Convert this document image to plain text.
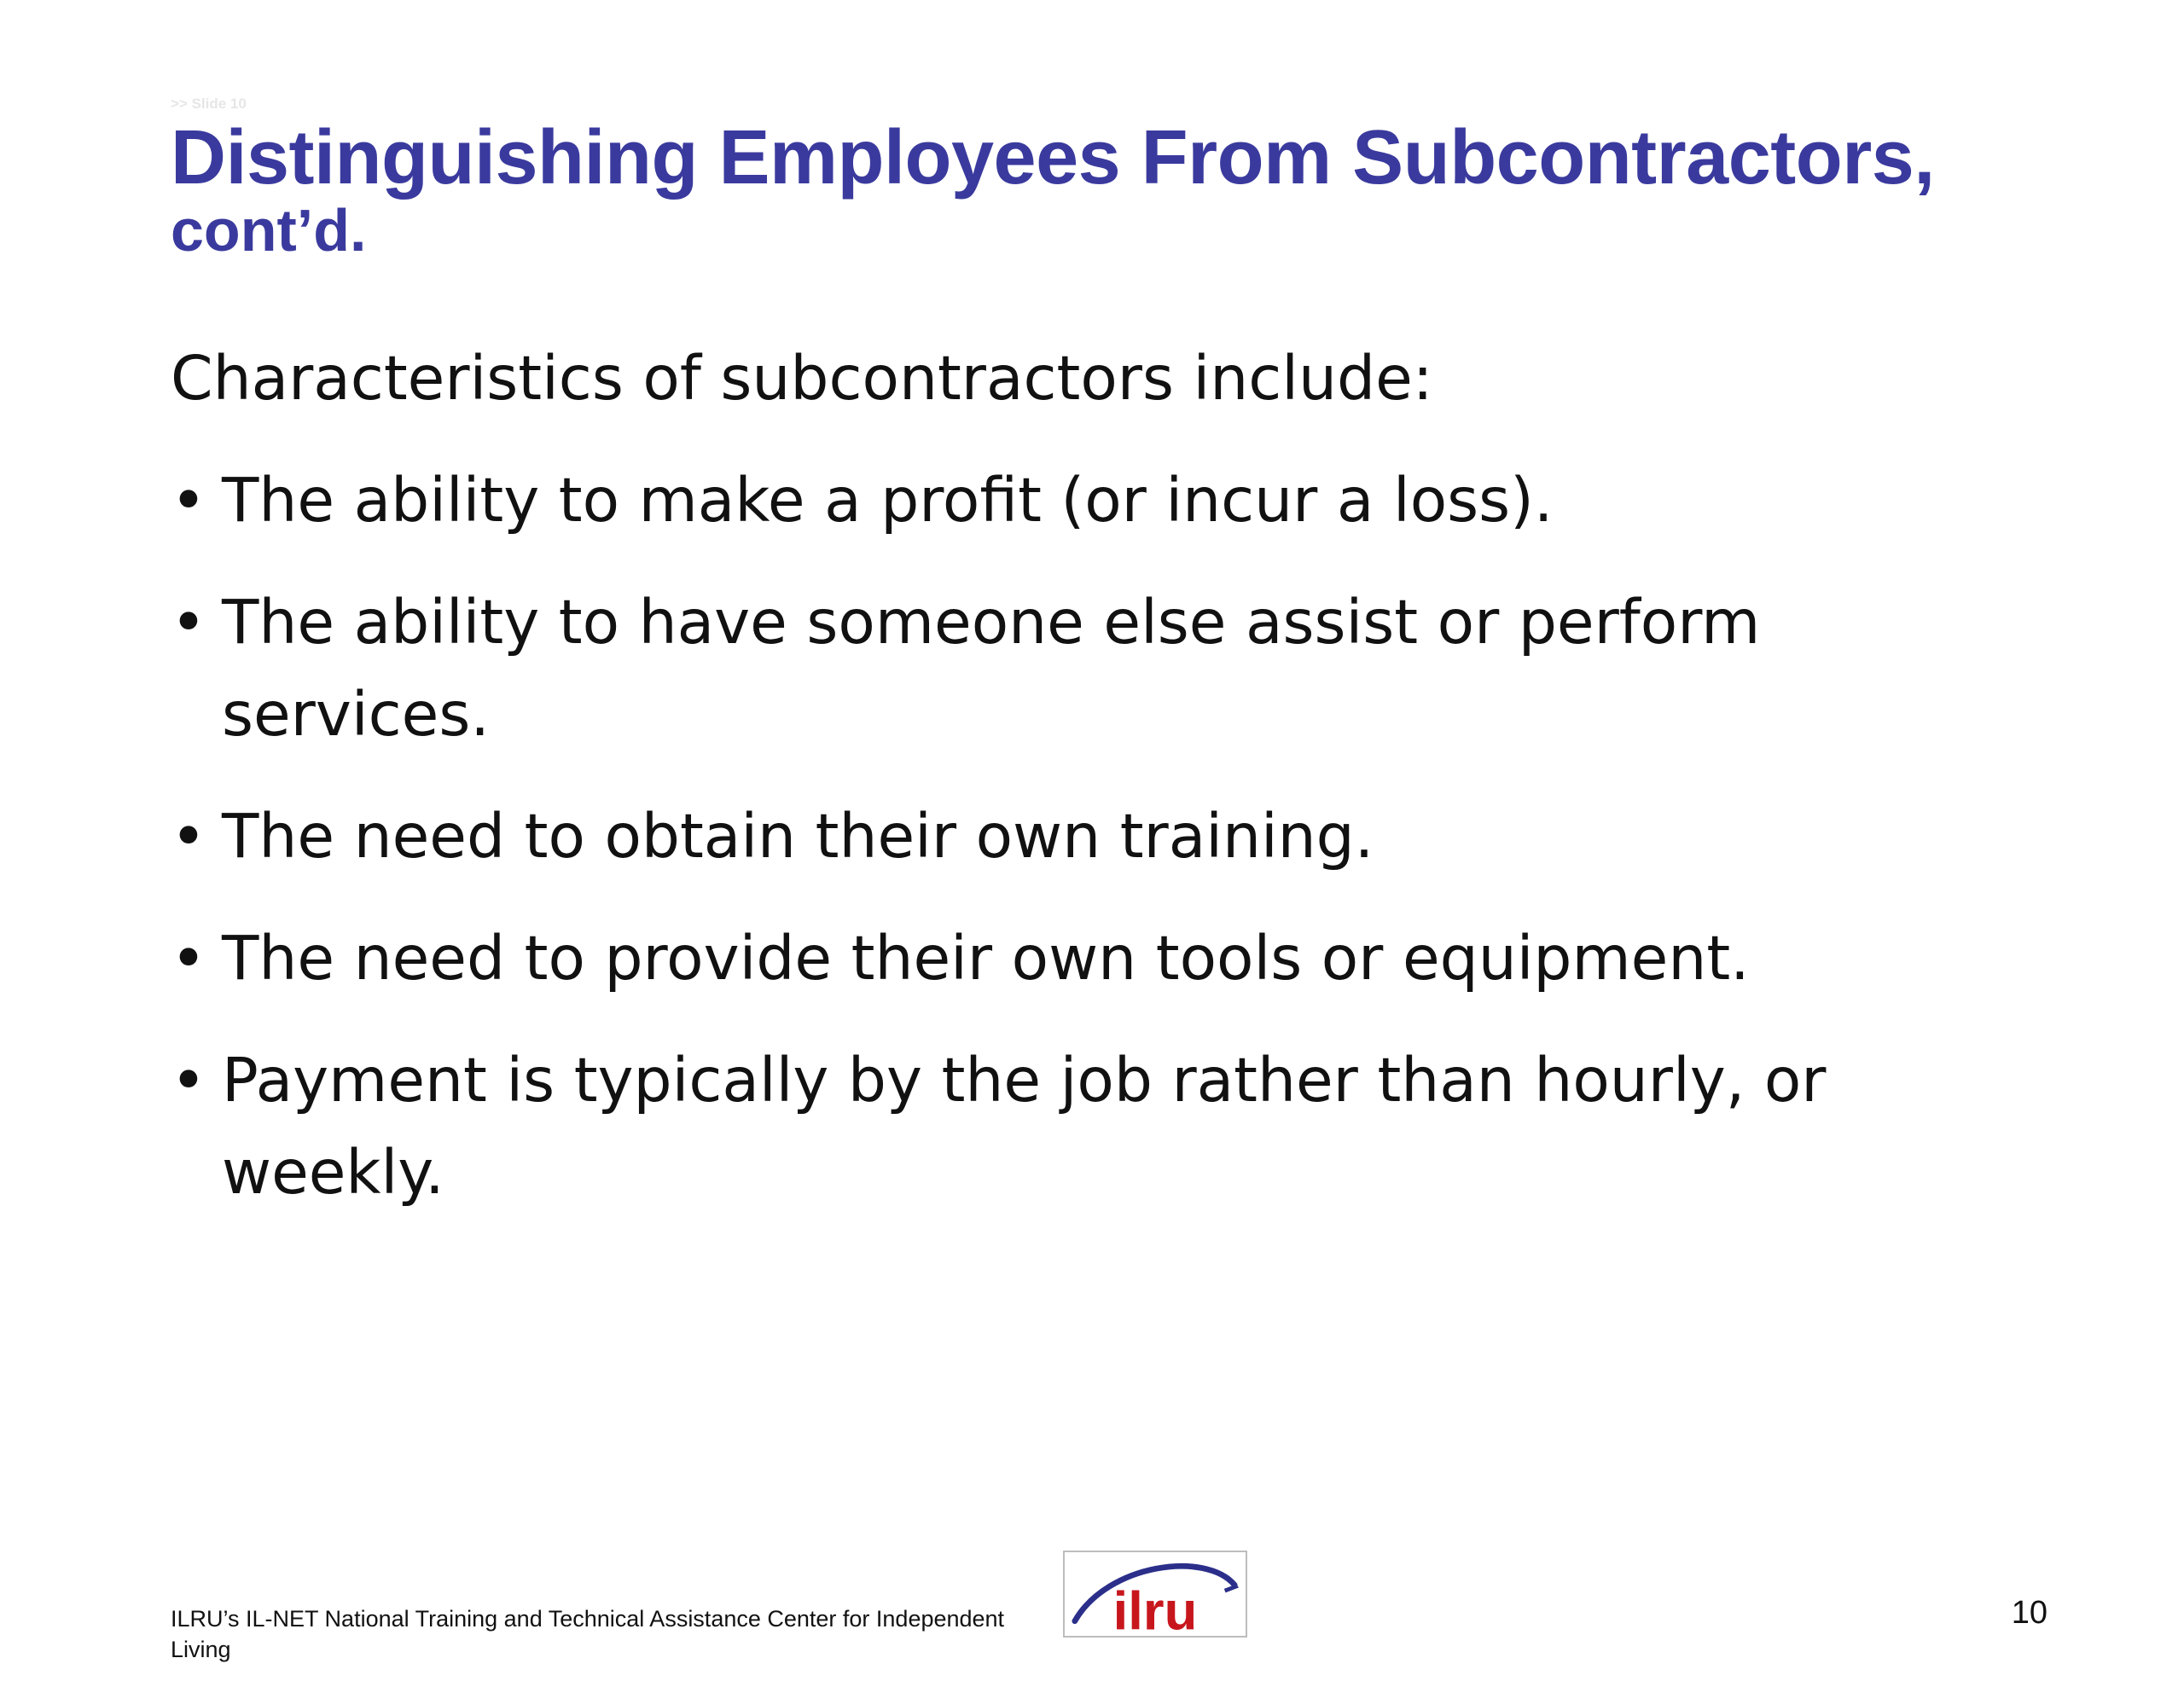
>> Slide 10
Distinguishing Employees From Subcontractors,
cont’d.

Characteristics of subcontractors include:

• The ability to make a profit (or incur a loss).
• The ability to have someone else assist or perform services.
• The need to obtain their own training.
• The need to provide their own tools or equipment.
• Payment is typically by the job rather than hourly, or weekly.
ILRU’s IL-NET National Training and Technical Assistance Center for Independent Living
ilru	10
